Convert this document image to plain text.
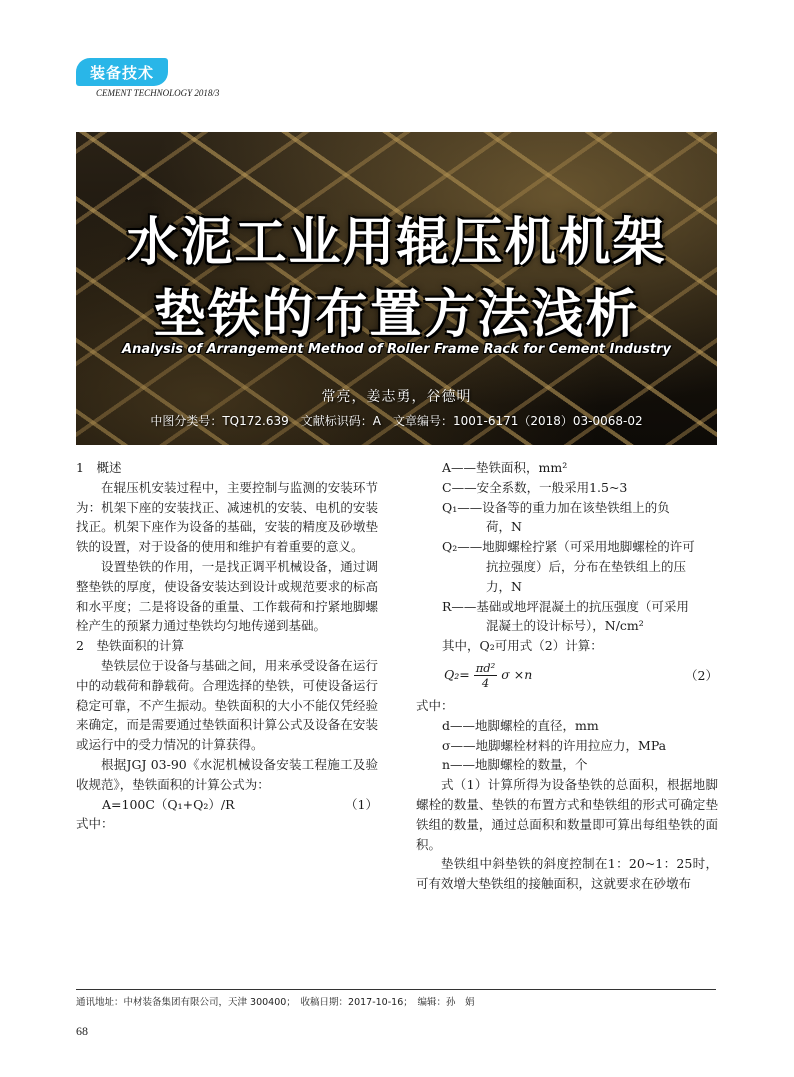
装备技术
CEMENT TECHNOLOGY 2018/3
水泥工业用辊压机机架
垫铁的布置方法浅析
Analysis of Arrangement Method of Roller Frame Rack for Cement Industry
常亮，姜志勇，谷德明
中图分类号：TQ172.639　文献标识码：A　文章编号：1001-6171（2018）03-0068-02

1　概述

在辊压机安装过程中，主要控制与监测的安装环节为：机架下座的安装找正、减速机的安装、电机的安装找正。机架下座作为设备的基础，安装的精度及砂墩垫铁的设置，对于设备的使用和维护有着重要的意义。

设置垫铁的作用，一是找正调平机械设备，通过调整垫铁的厚度，使设备安装达到设计或规范要求的标高和水平度；二是将设备的重量、工作载荷和拧紧地脚螺栓产生的预紧力通过垫铁均匀地传递到基础。

2　垫铁面积的计算

垫铁层位于设备与基础之间，用来承受设备在运行中的动载荷和静载荷。合理选择的垫铁，可使设备运行稳定可靠，不产生振动。垫铁面积的大小不能仅凭经验来确定，而是需要通过垫铁面积计算公式及设备在安装或运行中的受力情况的计算获得。

根据JGJ 03-90《水泥机械设备安装工程施工及验收规范》，垫铁面积的计算公式为：

A=100C（Q₁+Q₂）/R	（1）

式中：

A——垫铁面积，mm²

C——安全系数，一般采用1.5~3

Q₁——设备等的重力加在该垫铁组上的负
荷，N

Q₂——地脚螺栓拧紧（可采用地脚螺栓的许可
抗拉强度）后，分布在垫铁组上的压
力，N

R——基础或地坪混凝土的抗压强度（可采用
混凝土的设计标号），N/cm²

其中，Q₂可用式（2）计算：

$Q_2= \frac{\text{πd²}}{4}$ σ ×n	（2）

式中：

d——地脚螺栓的直径，mm

σ——地脚螺栓材料的许用拉应力，MPa

n——地脚螺栓的数量，个

式（1）计算所得为设备垫铁的总面积，根据地脚螺栓的数量、垫铁的布置方式和垫铁组的形式可确定垫铁组的数量，通过总面积和数量即可算出每组垫铁的面积。

垫铁组中斜垫铁的斜度控制在1：20~1：25时，可有效增大垫铁组的接触面积，这就要求在砂墩布

通讯地址：中材装备集团有限公司，天津 300400；　收稿日期：2017-10-16；　编辑：孙　娟
68
